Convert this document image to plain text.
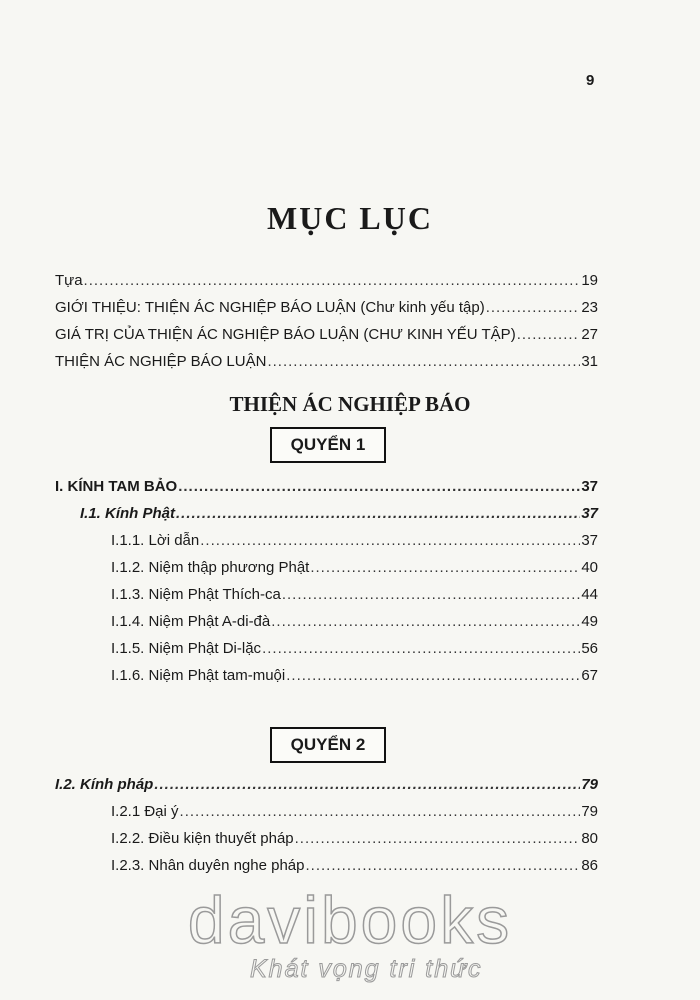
9
MỤC LỤC
Tựa .....	19
GIỚI THIỆU: THIỆN ÁC NGHIỆP BÁO LUẬN (Chư kinh yếu tập) .....	23
GIÁ TRỊ CỦA THIỆN ÁC NGHIỆP BÁO LUẬN (CHƯ KINH YẾU TẬP) .....	27
THIỆN ÁC NGHIỆP BÁO LUẬN .....	31
THIỆN ÁC NGHIỆP BÁO
QUYỂN 1
I. KÍNH TAM BẢO .....	37
I.1. Kính Phật .....	37
I.1.1. Lời dẫn .....	37
I.1.2. Niệm thập phương Phật .....	40
I.1.3. Niệm Phật Thích-ca .....	44
I.1.4. Niệm Phật A-di-đà .....	49
I.1.5. Niệm Phật Di-lặc .....	56
I.1.6. Niệm Phật tam-muội .....	67
QUYỂN 2
I.2. Kính pháp .....	79
I.2.1 Đại ý .....	79
I.2.2. Điều kiện thuyết pháp .....	80
I.2.3. Nhân duyên nghe pháp .....	86
davibooks
Khát vọng tri thức
